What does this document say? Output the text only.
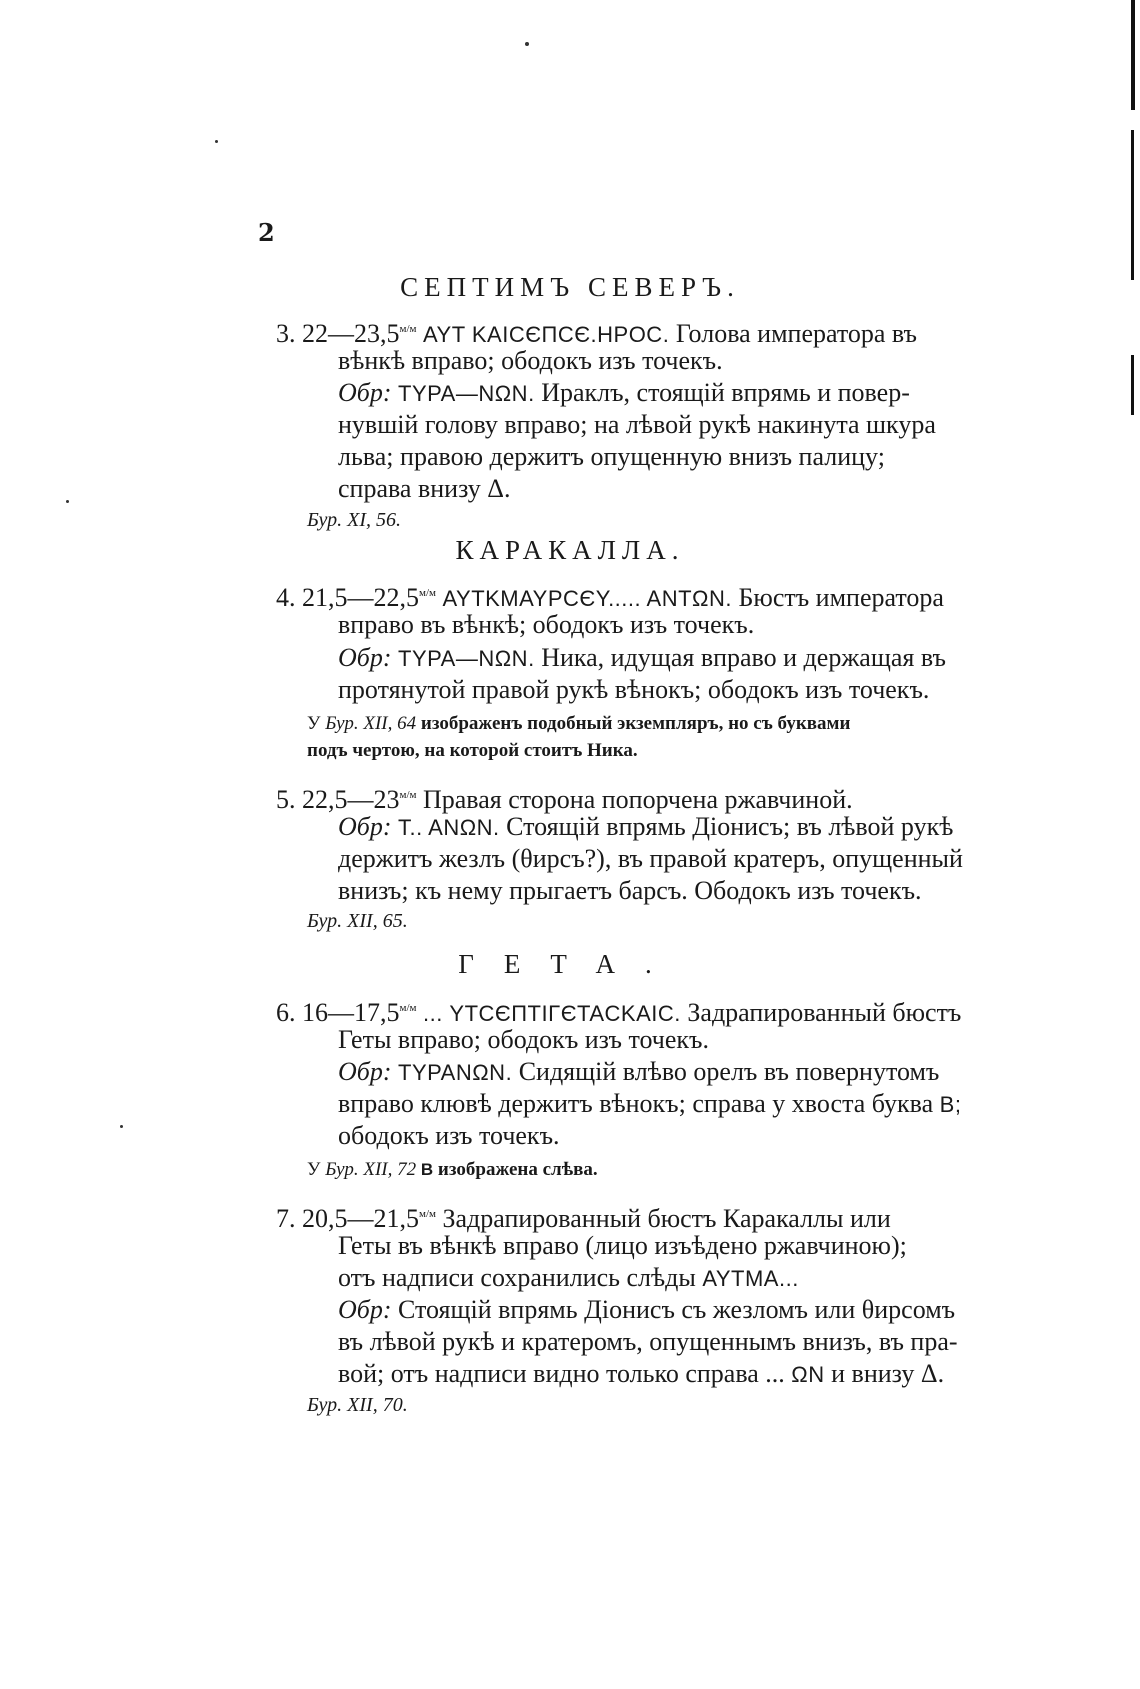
2
СЕПТИМЪ СЕВЕРЪ.
3. $22—23,5^{м/м}$ AYT KAICЄПCЄ.HPOC. Голова императора въ
вѣнкѣ вправо; ободокъ изъ точекъ.
Обр: TYPA—NΩN. Ираклъ, стоящій впрямь и повер-
нувшій голову вправо; на лѣвой рукѣ накинута шкура
льва; правою держитъ опущенную внизъ палицу;
справа внизу Δ.
Бур. XI, 56.
КАРАКАЛЛА.
4. $21,5—22,5^{м/м}$ AYTKMAYPCЄY..... ANTΩN. Бюстъ императора
вправо въ вѣнкѣ; ободокъ изъ точекъ.
Обр: TYPA—NΩN. Ника, идущая вправо и держащая въ
протянутой правой рукѣ вѣнокъ; ободокъ изъ точекъ.
У Бур. XII, 64 изображенъ подобный экземпляръ, но съ буквами
подъ чертою, на которой стоитъ Ника.
5. $22,5—23^{м/м}$ Правая сторона попорчена ржавчиной.
Обр: T.. ANΩN. Стоящій впрямь Діонисъ; въ лѣвой рукѣ
держитъ жезлъ (θирсъ?), въ правой кратеръ, опущенный
внизъ; къ нему прыгаетъ барсъ. Ободокъ изъ точекъ.
Бур. XII, 65.
ГЕТА.
6. $16—17,5^{м/м}$ ... YTCЄПTIΓЄTACKAIC. Задрапированный бюстъ
Геты вправо; ободокъ изъ точекъ.
Обр: TYPANΩN. Сидящій влѣво орелъ въ повернутомъ
вправо клювѣ держитъ вѣнокъ; справа у хвоста буква B;
ободокъ изъ точекъ.
У Бур. XII, 72 B изображена слѣва.
7. $20,5—21,5^{м/м}$ Задрапированный бюстъ Каракаллы или
Геты въ вѣнкѣ вправо (лицо изъѣдено ржавчиною);
отъ надписи сохранились слѣды AYTMA...
Обр: Стоящій впрямь Діонисъ съ жезломъ или θирсомъ
въ лѣвой рукѣ и кратеромъ, опущеннымъ внизъ, въ пра-
вой; отъ надписи видно только справа ... ΩN и внизу Δ.
Бур. XII, 70.
